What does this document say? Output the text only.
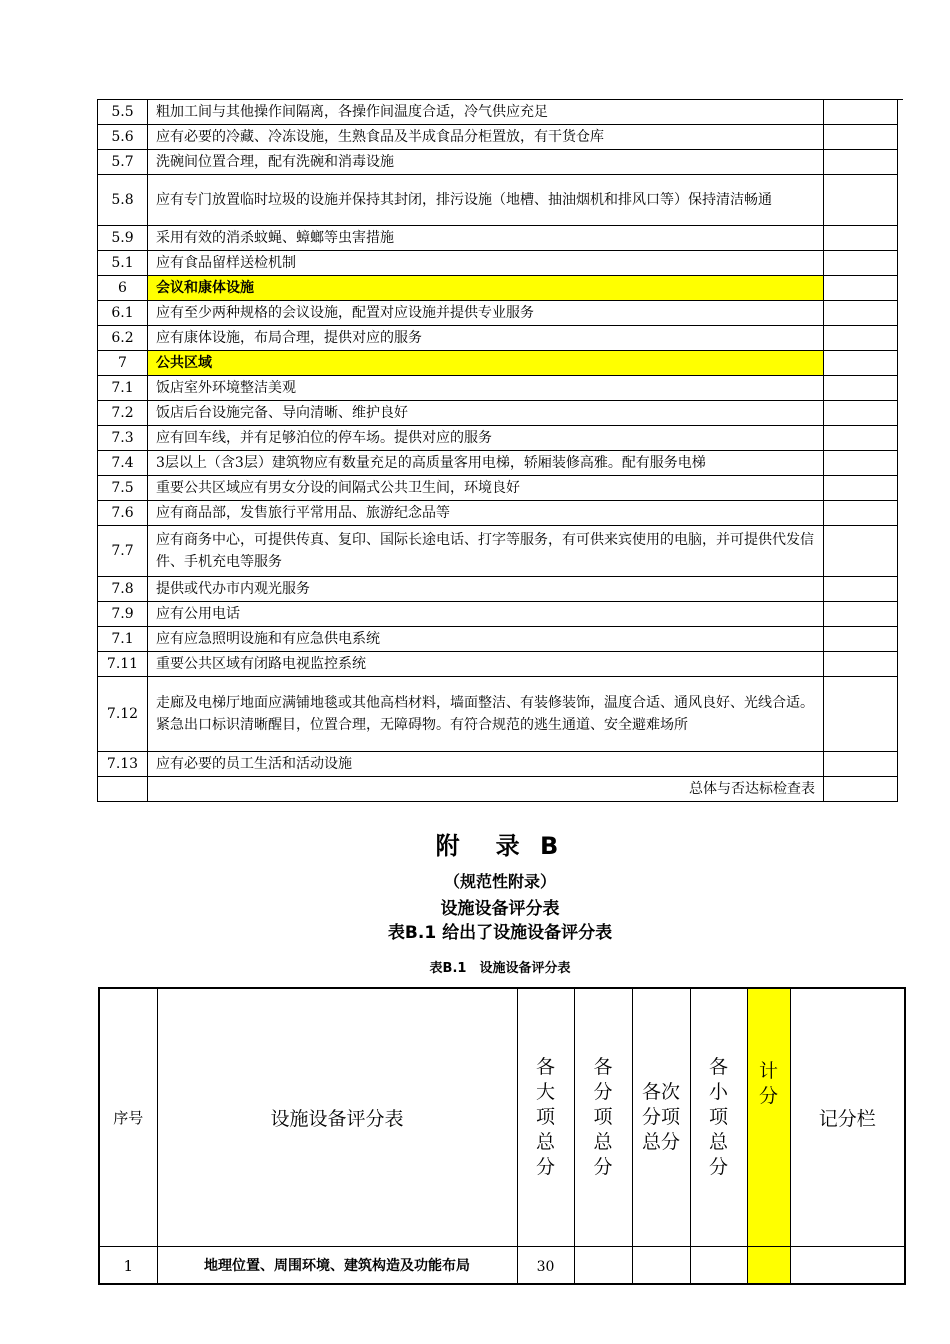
5.5	粗加工间与其他操作间隔离，各操作间温度合适，冷气供应充足	
5.6	应有必要的冷藏、冷冻设施，生熟食品及半成食品分柜置放，有干货仓库	
5.7	洗碗间位置合理，配有洗碗和消毒设施	
5.8	应有专门放置临时垃圾的设施并保持其封闭，排污设施（地槽、抽油烟机和排风口等）保持清洁畅通	
5.9	采用有效的消杀蚊蝇、蟑螂等虫害措施	
5.1	应有食品留样送检机制	
6	会议和康体设施	
6.1	应有至少两种规格的会议设施，配置对应设施并提供专业服务	
6.2	应有康体设施，布局合理，提供对应的服务	
7	公共区域	
7.1	饭店室外环境整洁美观	
7.2	饭店后台设施完备、导向清晰、维护良好	
7.3	应有回车线，并有足够泊位的停车场。提供对应的服务	
7.4	3层以上（含3层）建筑物应有数量充足的高质量客用电梯，轿厢装修高雅。配有服务电梯	
7.5	重要公共区域应有男女分设的间隔式公共卫生间，环境良好	
7.6	应有商品部，发售旅行平常用品、旅游纪念品等	
7.7	应有商务中心，可提供传真、复印、国际长途电话、打字等服务，有可供来宾使用的电脑，并可提供代发信件、手机充电等服务	
7.8	提供或代办市内观光服务	
7.9	应有公用电话	
7.1	应有应急照明设施和有应急供电系统	
7.11	重要公共区域有闭路电视监控系统	
7.12	走廊及电梯厅地面应满铺地毯或其他高档材料，墙面整洁、有装修装饰，温度合适、通风良好、光线合适。紧急出口标识清晰醒目，位置合理，无障碍物。有符合规范的逃生通道、安全避难场所	
7.13	应有必要的员工生活和活动设施	
	总体与否达标检查表	
附　录 B
（规范性附录）
设施设备评分表
表B.1 给出了设施设备评分表
表B.1　设施设备评分表
序号	设施设备评分表	各大项总分	各分项总分	各次分项总分	各小项总分	计分	记分栏
1	地理位置、周围环境、建筑构造及功能布局	30					
